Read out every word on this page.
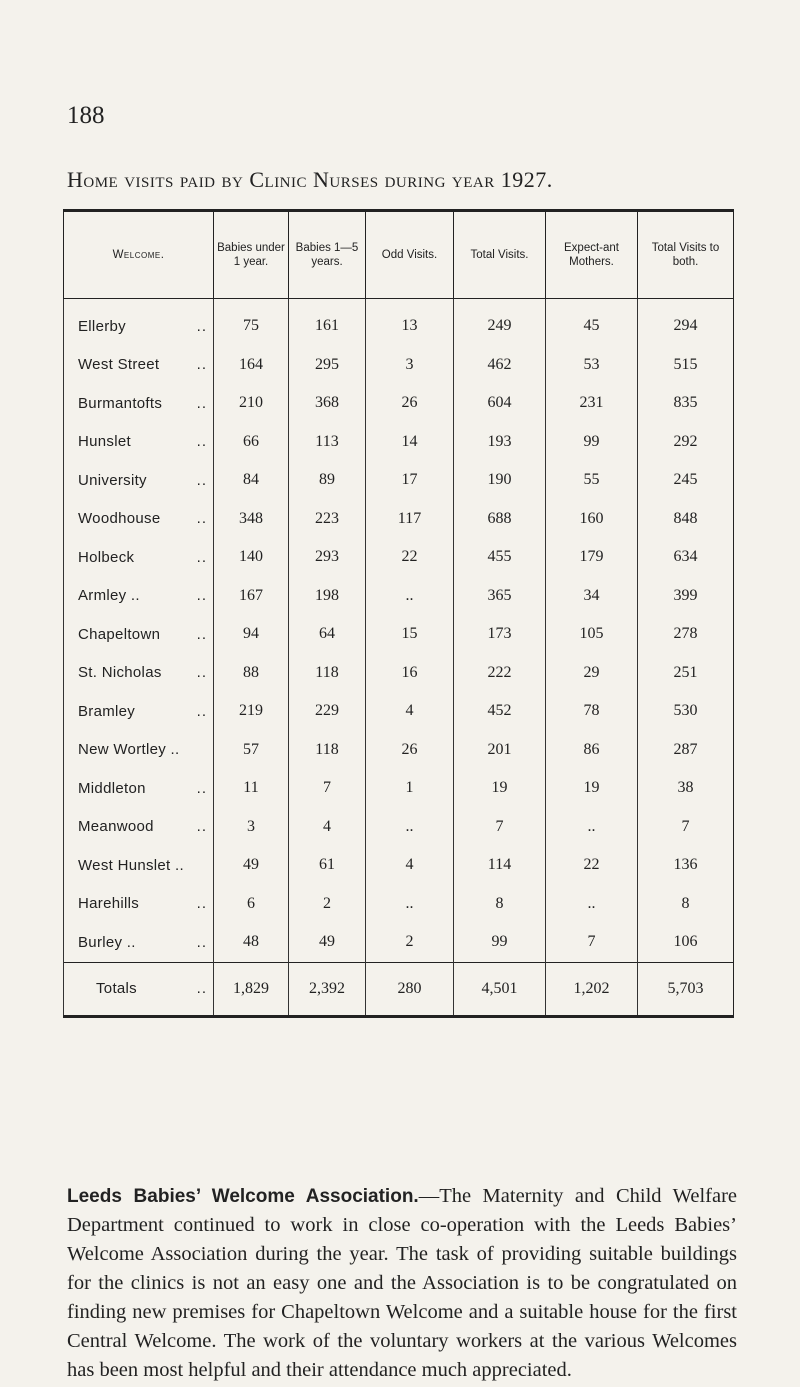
188
Home visits paid by Clinic Nurses during year 1927.
Welcome.	Babies under 1 year.	Babies 1—5 years.	Odd Visits.	Total Visits.	Expect-ant Mothers.	Total Visits to both.
Ellerby ..	75	161	13	249	45	294
West Street ..	164	295	3	462	53	515
Burmantofts ..	210	368	26	604	231	835
Hunslet ..	66	113	14	193	99	292
University ..	84	89	17	190	55	245
Woodhouse ..	348	223	117	688	160	848
Holbeck ..	140	293	22	455	179	634
Armley .. ..	167	198	..	365	34	399
Chapeltown ..	94	64	15	173	105	278
St. Nicholas ..	88	118	16	222	29	251
Bramley ..	219	229	4	452	78	530
New Wortley ..	57	118	26	201	86	287
Middleton ..	11	7	1	19	19	38
Meanwood ..	3	4	..	7	..	7
West Hunslet ..	49	61	4	114	22	136
Harehills ..	6	2	..	8	..	8
Burley .. ..	48	49	2	99	7	106
Totals ..	1,829	2,392	280	4,501	1,202	5,703
Leeds Babies’ Welcome Association.—The Maternity and Child Welfare Department continued to work in close co-operation with the Leeds Babies’ Welcome Association during the year. The task of providing suitable buildings for the clinics is not an easy one and the Association is to be congratulated on finding new premises for Chapeltown Welcome and a suitable house for the first Central Welcome. The work of the voluntary workers at the various Welcomes has been most helpful and their attendance much appreciated.
